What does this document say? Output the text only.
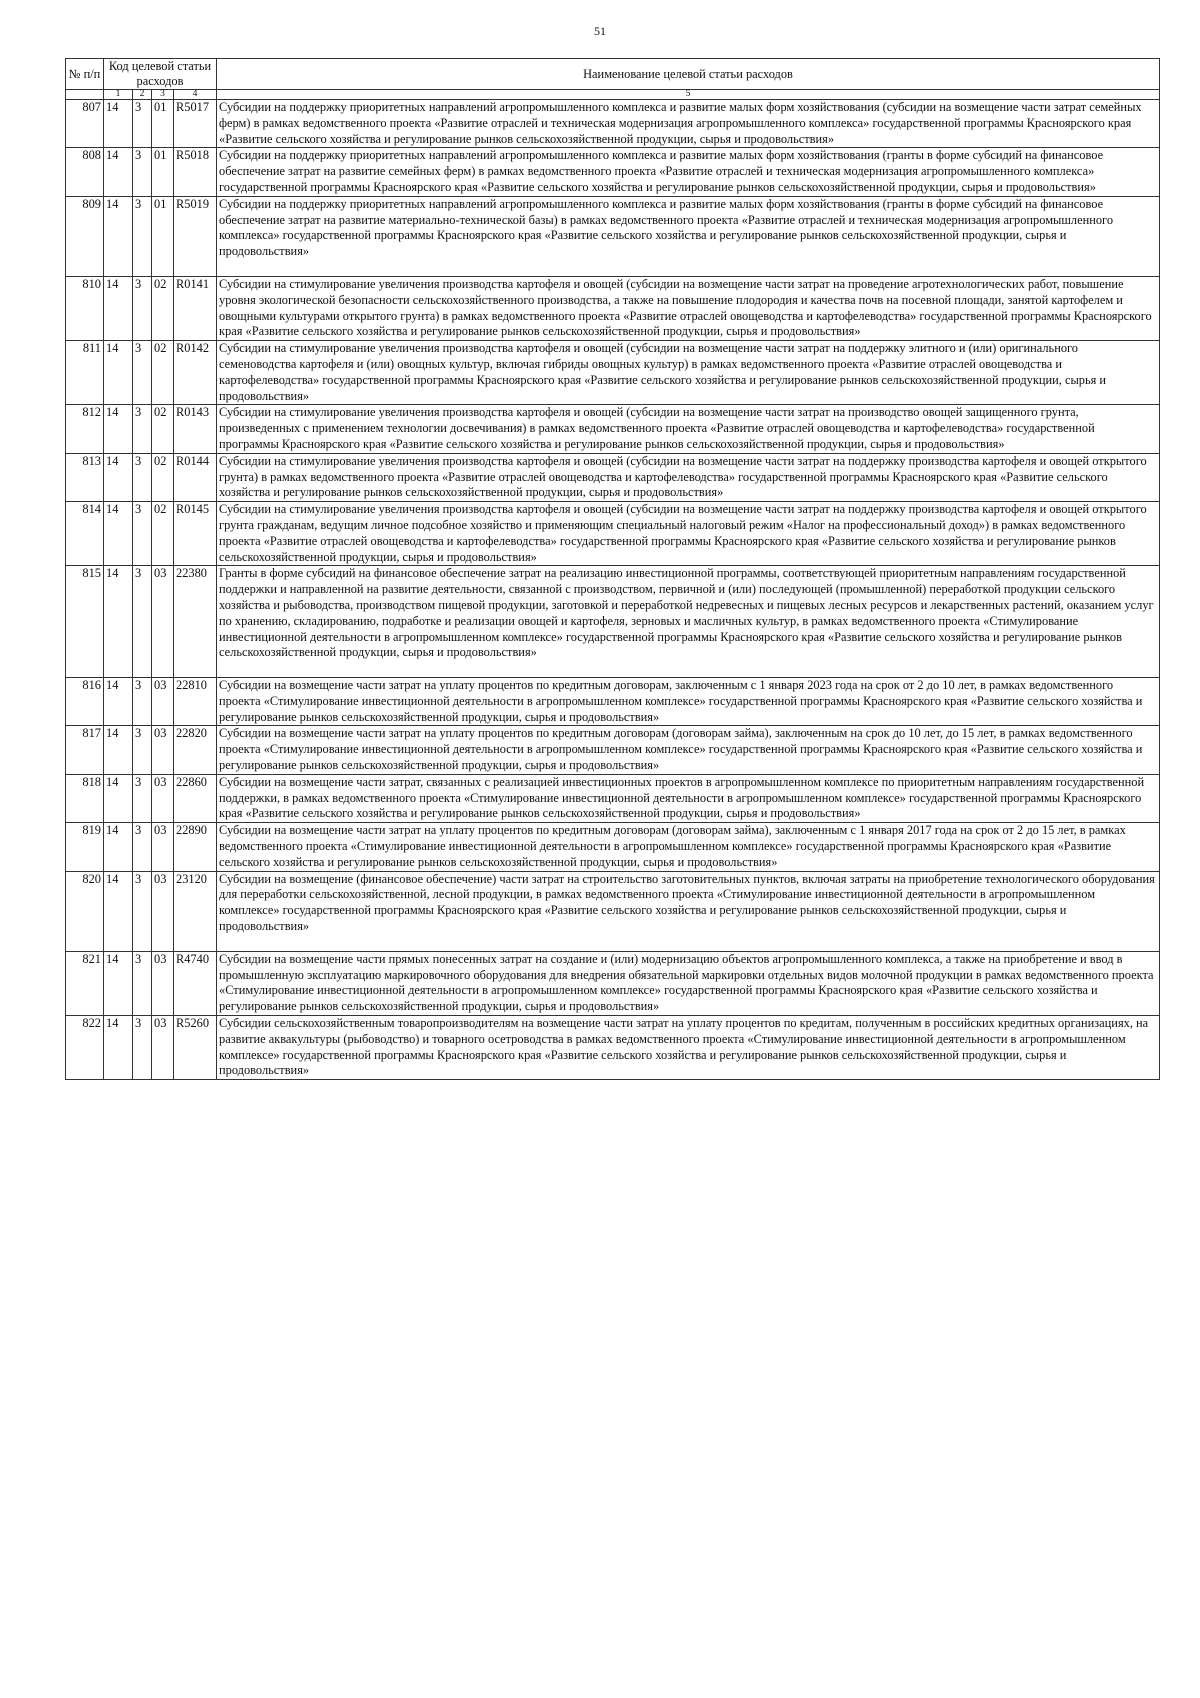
51
№ п/п	Код целевой статьи расходов				Наименование целевой статьи расходов

	1	2	3	4	5
807	14	3	01	R5017	Субсидии на поддержку приоритетных направлений агропромышленного комплекса и развитие малых форм хозяйствования (субсидии на возмещение части затрат семейных ферм) в рамках ведомственного проекта «Развитие отраслей и техническая модернизация агропромышленного комплекса» государственной программы Красноярского края «Развитие сельского хозяйства и регулирование рынков сельскохозяйственной продукции, сырья и продовольствия»
808	14	3	01	R5018	Субсидии на поддержку приоритетных направлений агропромышленного комплекса и развитие малых форм хозяйствования (гранты в форме субсидий на финансовое обеспечение затрат на развитие семейных ферм) в рамках ведомственного проекта «Развитие отраслей и техническая модернизация агропромышленного комплекса» государственной программы Красноярского края «Развитие сельского хозяйства и регулирование рынков сельскохозяйственной продукции, сырья и продовольствия»
809	14	3	01	R5019	Субсидии на поддержку приоритетных направлений агропромышленного комплекса и развитие малых форм хозяйствования (гранты в форме субсидий на финансовое обеспечение затрат на развитие материально-технической базы) в рамках ведомственного проекта «Развитие отраслей и техническая модернизация агропромышленного комплекса» государственной программы Красноярского края «Развитие сельского хозяйства и регулирование рынков сельскохозяйственной продукции, сырья и продовольствия»
810	14	3	02	R0141	Субсидии на стимулирование увеличения производства картофеля и овощей (субсидии на возмещение части затрат на проведение агротехнологических работ, повышение уровня экологической безопасности сельскохозяйственного производства, а также на повышение плодородия и качества почв на посевной площади, занятой картофелем и овощными культурами открытого грунта) в рамках ведомственного проекта «Развитие отраслей овощеводства и картофелеводства» государственной программы Красноярского края «Развитие сельского хозяйства и регулирование рынков сельскохозяйственной продукции, сырья и продовольствия»
811	14	3	02	R0142	Субсидии на стимулирование увеличения производства картофеля и овощей (субсидии на возмещение части затрат на поддержку элитного и (или) оригинального семеноводства картофеля и (или) овощных культур, включая гибриды овощных культур) в рамках ведомственного проекта «Развитие отраслей овощеводства и картофелеводства» государственной программы Красноярского края «Развитие сельского хозяйства и регулирование рынков сельскохозяйственной продукции, сырья и продовольствия»
812	14	3	02	R0143	Субсидии на стимулирование увеличения производства картофеля и овощей (субсидии на возмещение части затрат на производство овощей защищенного грунта, произведенных с применением технологии досвечивания) в рамках ведомственного проекта «Развитие отраслей овощеводства и картофелеводства» государственной программы Красноярского края «Развитие сельского хозяйства и регулирование рынков сельскохозяйственной продукции, сырья и продовольствия»
813	14	3	02	R0144	Субсидии на стимулирование увеличения производства картофеля и овощей (субсидии на возмещение части затрат на поддержку производства картофеля и овощей открытого грунта) в рамках ведомственного проекта «Развитие отраслей овощеводства и картофелеводства» государственной программы Красноярского края «Развитие сельского хозяйства и регулирование рынков сельскохозяйственной продукции, сырья и продовольствия»
814	14	3	02	R0145	Субсидии на стимулирование увеличения производства картофеля и овощей (субсидии на возмещение части затрат на поддержку производства картофеля и овощей открытого грунта гражданам, ведущим личное подсобное хозяйство и применяющим специальный налоговый режим «Налог на профессиональный доход») в рамках ведомственного проекта «Развитие отраслей овощеводства и картофелеводства» государственной программы Красноярского края «Развитие сельского хозяйства и регулирование рынков сельскохозяйственной продукции, сырья и продовольствия»
815	14	3	03	22380	Гранты в форме субсидий на финансовое обеспечение затрат на реализацию инвестиционной программы, соответствующей приоритетным направлениям государственной поддержки и направленной на развитие деятельности, связанной с производством, первичной и (или) последующей (промышленной) переработкой продукции сельского хозяйства и рыбоводства, производством пищевой продукции, заготовкой и переработкой недревесных и пищевых лесных ресурсов и лекарственных растений, оказанием услуг по хранению, складированию, подработке и реализации овощей и картофеля, зерновых и масличных культур, в рамках ведомственного проекта «Стимулирование инвестиционной деятельности в агропромышленном комплексе» государственной программы Красноярского края «Развитие сельского хозяйства и регулирование рынков сельскохозяйственной продукции, сырья и продовольствия»
816	14	3	03	22810	Субсидии на возмещение части затрат на уплату процентов по кредитным договорам, заключенным с 1 января 2023 года на срок от 2 до 10 лет, в рамках ведомственного проекта «Стимулирование инвестиционной деятельности в агропромышленном комплексе» государственной программы Красноярского края «Развитие сельского хозяйства и регулирование рынков сельскохозяйственной продукции, сырья и продовольствия»
817	14	3	03	22820	Субсидии на возмещение части затрат на уплату процентов по кредитным договорам (договорам займа), заключенным на срок до 10 лет, до 15 лет, в рамках ведомственного проекта «Стимулирование инвестиционной деятельности в агропромышленном комплексе» государственной программы Красноярского края «Развитие сельского хозяйства и регулирование рынков сельскохозяйственной продукции, сырья и продовольствия»
818	14	3	03	22860	Субсидии на возмещение части затрат, связанных с реализацией инвестиционных проектов в агропромышленном комплексе по приоритетным направлениям государственной поддержки, в рамках ведомственного проекта «Стимулирование инвестиционной деятельности в агропромышленном комплексе» государственной программы Красноярского края «Развитие сельского хозяйства и регулирование рынков сельскохозяйственной продукции, сырья и продовольствия»
819	14	3	03	22890	Субсидии на возмещение части затрат на уплату процентов по кредитным договорам (договорам займа), заключенным с 1 января 2017 года на срок от 2 до 15 лет, в рамках ведомственного проекта «Стимулирование инвестиционной деятельности в агропромышленном комплексе» государственной программы Красноярского края «Развитие сельского хозяйства и регулирование рынков сельскохозяйственной продукции, сырья и продовольствия»
820	14	3	03	23120	Субсидии на возмещение (финансовое обеспечение) части затрат на строительство заготовительных пунктов, включая затраты на приобретение технологического оборудования для переработки сельскохозяйственной, лесной продукции, в рамках ведомственного проекта «Стимулирование инвестиционной деятельности в агропромышленном комплексе» государственной программы Красноярского края «Развитие сельского хозяйства и регулирование рынков сельскохозяйственной продукции, сырья и продовольствия»
821	14	3	03	R4740	Субсидии на возмещение части прямых понесенных затрат на создание и (или) модернизацию объектов агропромышленного комплекса, а также на приобретение и ввод в промышленную эксплуатацию маркировочного оборудования для внедрения обязательной маркировки отдельных видов молочной продукции в рамках ведомственного проекта «Стимулирование инвестиционной деятельности в агропромышленном комплексе» государственной программы Красноярского края «Развитие сельского хозяйства и регулирование рынков сельскохозяйственной продукции, сырья и продовольствия»
822	14	3	03	R5260	Субсидии сельскохозяйственным товаропроизводителям на возмещение части затрат на уплату процентов по кредитам, полученным в российских кредитных организациях, на развитие аквакультуры (рыбоводство) и товарного осетроводства в рамках ведомственного проекта «Стимулирование инвестиционной деятельности в агропромышленном комплексе» государственной программы Красноярского края «Развитие сельского хозяйства и регулирование рынков сельскохозяйственной продукции, сырья и продовольствия»
